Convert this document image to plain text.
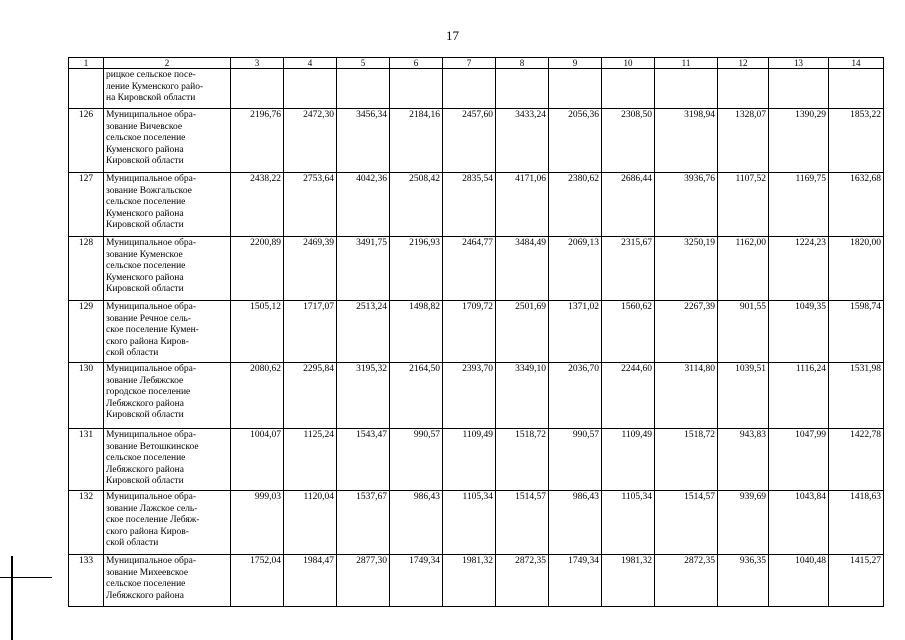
17
1	2	3	4	5	6	7	8	9	10	11	12	13	14

	рицкое сельское посе-
ление Куменского райо-
на Кировской области												

126	Муниципальное обра-
зование Вичевское
сельское поселение
Куменского района
Кировской области	2196,76	2472,30	3456,34	2184,16	2457,60	3433,24	2056,36	2308,50	3198,94	1328,07	1390,29	1853,22
127	Муниципальное обра-
зование Вожгальское
сельское поселение
Куменского района
Кировской области	2438,22	2753,64	4042,36	2508,42	2835,54	4171,06	2380,62	2686,44	3936,76	1107,52	1169,75	1632,68
128	Муниципальное обра-
зование Куменское
сельское поселение
Куменского района
Кировской области	2200,89	2469,39	3491,75	2196,93	2464,77	3484,49	2069,13	2315,67	3250,19	1162,00	1224,23	1820,00
129	Муниципальное обра-
зование Речное сель-
ское поселение Кумен-
ского района Киров-
ской области	1505,12	1717,07	2513,24	1498,82	1709,72	2501,69	1371,02	1560,62	2267,39	901,55	1049,35	1598,74
130	Муниципальное обра-
зование Лебяжское
городское поселение
Лебяжского района
Кировской области	2080,62	2295,84	3195,32	2164,50	2393,70	3349,10	2036,70	2244,60	3114,80	1039,51	1116,24	1531,98
131	Муниципальное обра-
зование Ветошкинское
сельское поселение
Лебяжского района
Кировской области	1004,07	1125,24	1543,47	990,57	1109,49	1518,72	990,57	1109,49	1518,72	943,83	1047,99	1422,78
132	Муниципальное обра-
зование Лажское сель-
ское поселение Лебяж-
ского района Киров-
ской области	999,03	1120,04	1537,67	986,43	1105,34	1514,57	986,43	1105,34	1514,57	939,69	1043,84	1418,63
133	Муниципальное обра-
зование Михеевское
сельское поселение
Лебяжского района	1752,04	1984,47	2877,30	1749,34	1981,32	2872,35	1749,34	1981,32	2872,35	936,35	1040,48	1415,27
